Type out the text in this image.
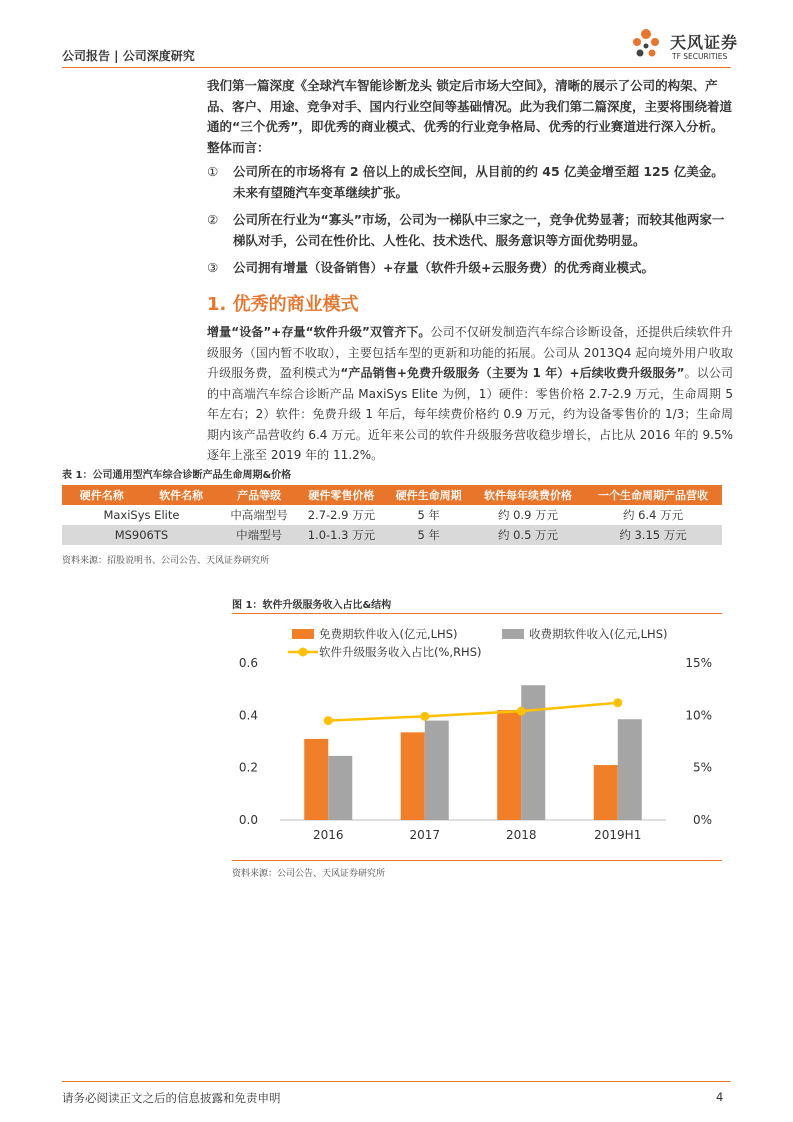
公司报告 | 公司深度研究
天风证券
TF SECURITIES
我们第一篇深度《全球汽车智能诊断龙头 锁定后市场大空间》，清晰的展示了公司的构架、产品、客户、用途、竞争对手、国内行业空间等基础情况。此为我们第二篇深度，主要将围绕着道通的“三个优秀”，即优秀的商业模式、优秀的行业竞争格局、优秀的行业赛道进行深入分析。整体而言：
①	公司所在的市场将有 2 倍以上的成长空间，从目前的约 45 亿美金增至超 125 亿美金。未来有望随汽车变革继续扩张。
②	公司所在行业为“寡头”市场，公司为一梯队中三家之一，竞争优势显著；而较其他两家一梯队对手，公司在性价比、人性化、技术迭代、服务意识等方面优势明显。
③	公司拥有增量（设备销售）+存量（软件升级+云服务费）的优秀商业模式。
1. 优秀的商业模式
增量“设备”+存量“软件升级”双管齐下。公司不仅研发制造汽车综合诊断设备，还提供后续软件升级服务（国内暂不收取），主要包括车型的更新和功能的拓展。公司从 2013Q4 起向境外用户收取升级服务费，盈利模式为“产品销售+免费升级服务（主要为 1 年）+后续收费升级服务”。以公司的中高端汽车综合诊断产品 MaxiSys Elite 为例，1）硬件：零售价格 2.7-2.9 万元，生命周期 5 年左右；2）软件：免费升级 1 年后，每年续费价格约 0.9 万元，约为设备零售价的 1/3；生命周期内该产品营收约 6.4 万元。近年来公司的软件升级服务营收稳步增长，占比从 2016 年的 9.5%逐年上涨至 2019 年的 11.2%。
表 1：公司通用型汽车综合诊断产品生命周期&价格
硬件名称	软件名称	产品等级	硬件零售价格	硬件生命周期	软件每年续费价格	一个生命周期产品营收
MaxiSys Elite		中高端型号	2.7-2.9 万元	5 年	约 0.9 万元	约 6.4 万元
MS906TS		中端型号	1.0-1.3 万元	5 年	约 0.5 万元	约 3.15 万元
资料来源：招股说明书、公司公告、天风证券研究所
图 1：软件升级服务收入占比&结构
0.0
0.2
0.4
0.6
0%
5%
10%
15%
2016	2017	2018	2019H1
免费期软件收入(亿元,LHS)	收费期软件收入(亿元,LHS)
软件升级服务收入占比(%,RHS)
资料来源：公司公告、天风证券研究所
请务必阅读正文之后的信息披露和免责申明	4
